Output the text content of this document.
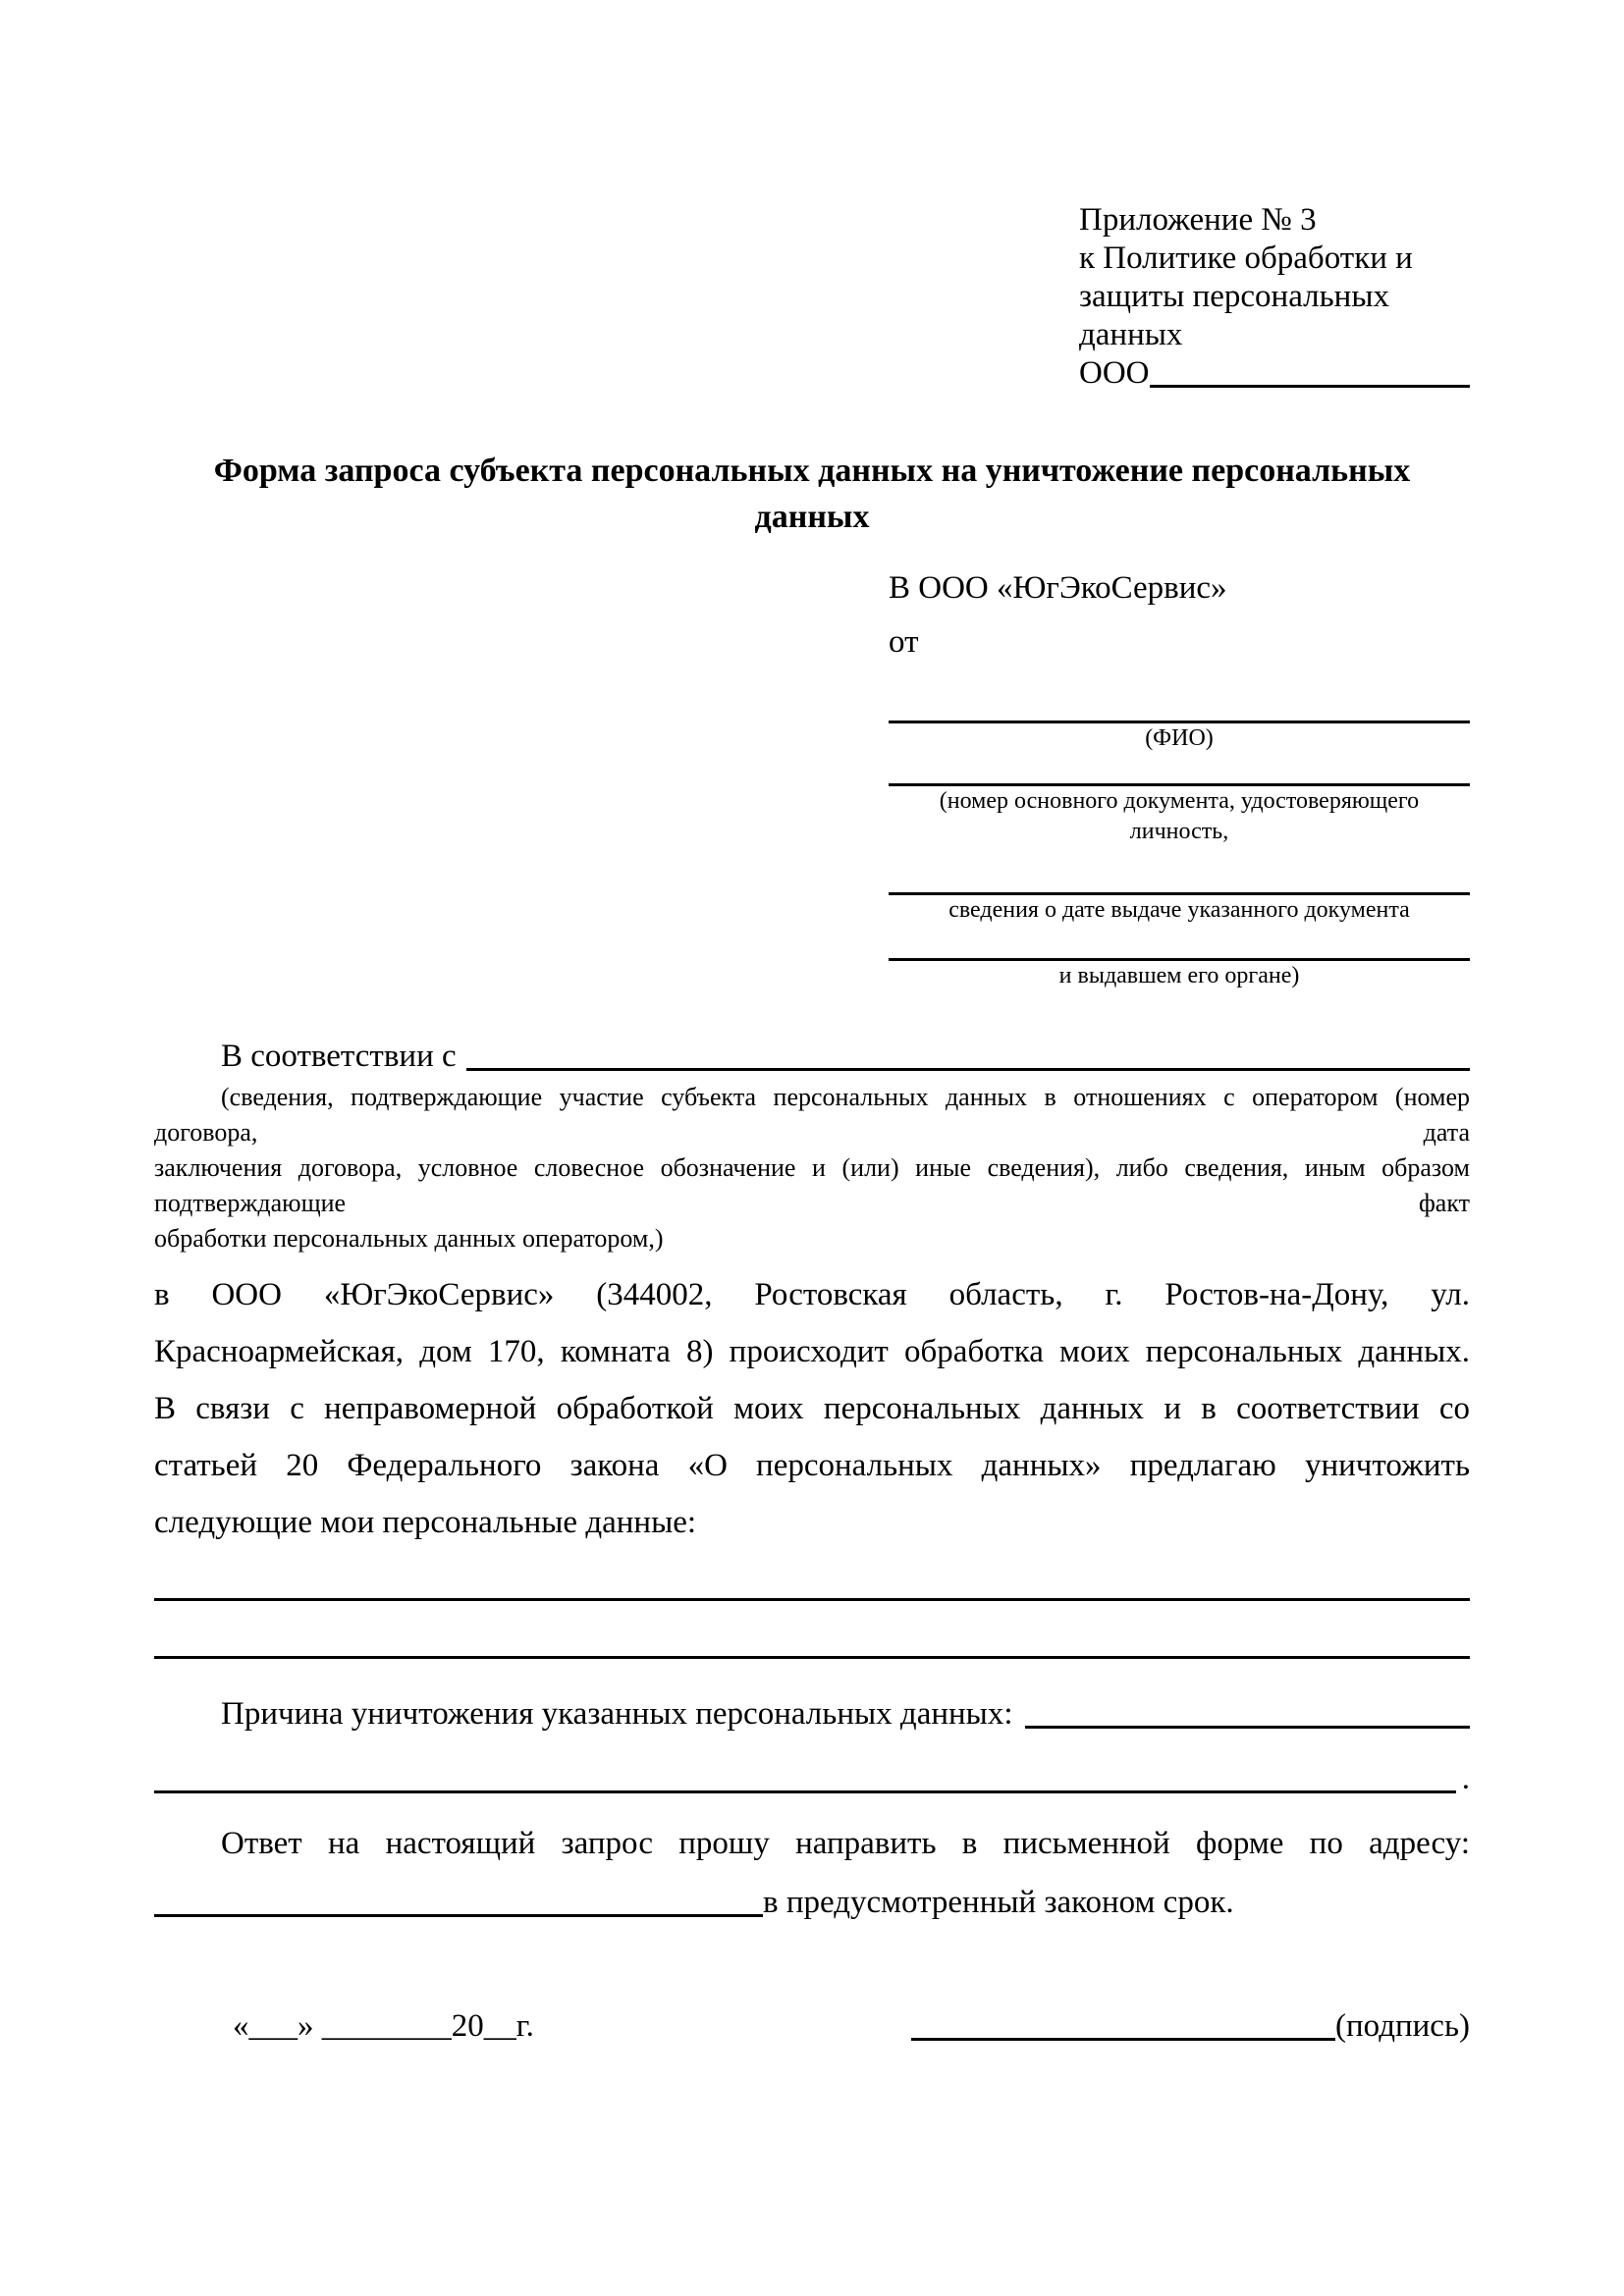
Приложение № 3
к Политике обработки и
защиты персональных данных
ООО
Форма запроса субъекта персональных данных на уничтожение персональных данных
В ООО «ЮгЭкоСервис»
от
(ФИО)
(номер основного документа, удостоверяющего личность,
сведения о дате выдаче указанного документа
и выдавшем его органе)
В соответствии с
(сведения, подтверждающие участие субъекта персональных данных в отношениях с оператором (номер договора, дата
заключения договора, условное словесное обозначение и (или) иные сведения), либо сведения, иным образом подтверждающие факт
обработки персональных данных оператором,)
в ООО «ЮгЭкоСервис» (344002, Ростовская область, г. Ростов-на-Дону, ул.
Красноармейская, дом 170, комната 8) происходит обработка моих персональных данных.
В связи с неправомерной обработкой моих персональных данных и в соответствии со
статьей 20 Федерального закона «О персональных данных» предлагаю уничтожить
следующие мои персональные данные:
Причина уничтожения указанных персональных данных:
.
Ответ на настоящий запрос прошу направить в письменной форме по адресу:
в предусмотренный законом срок.
«___» ________20__г.	(подпись)
